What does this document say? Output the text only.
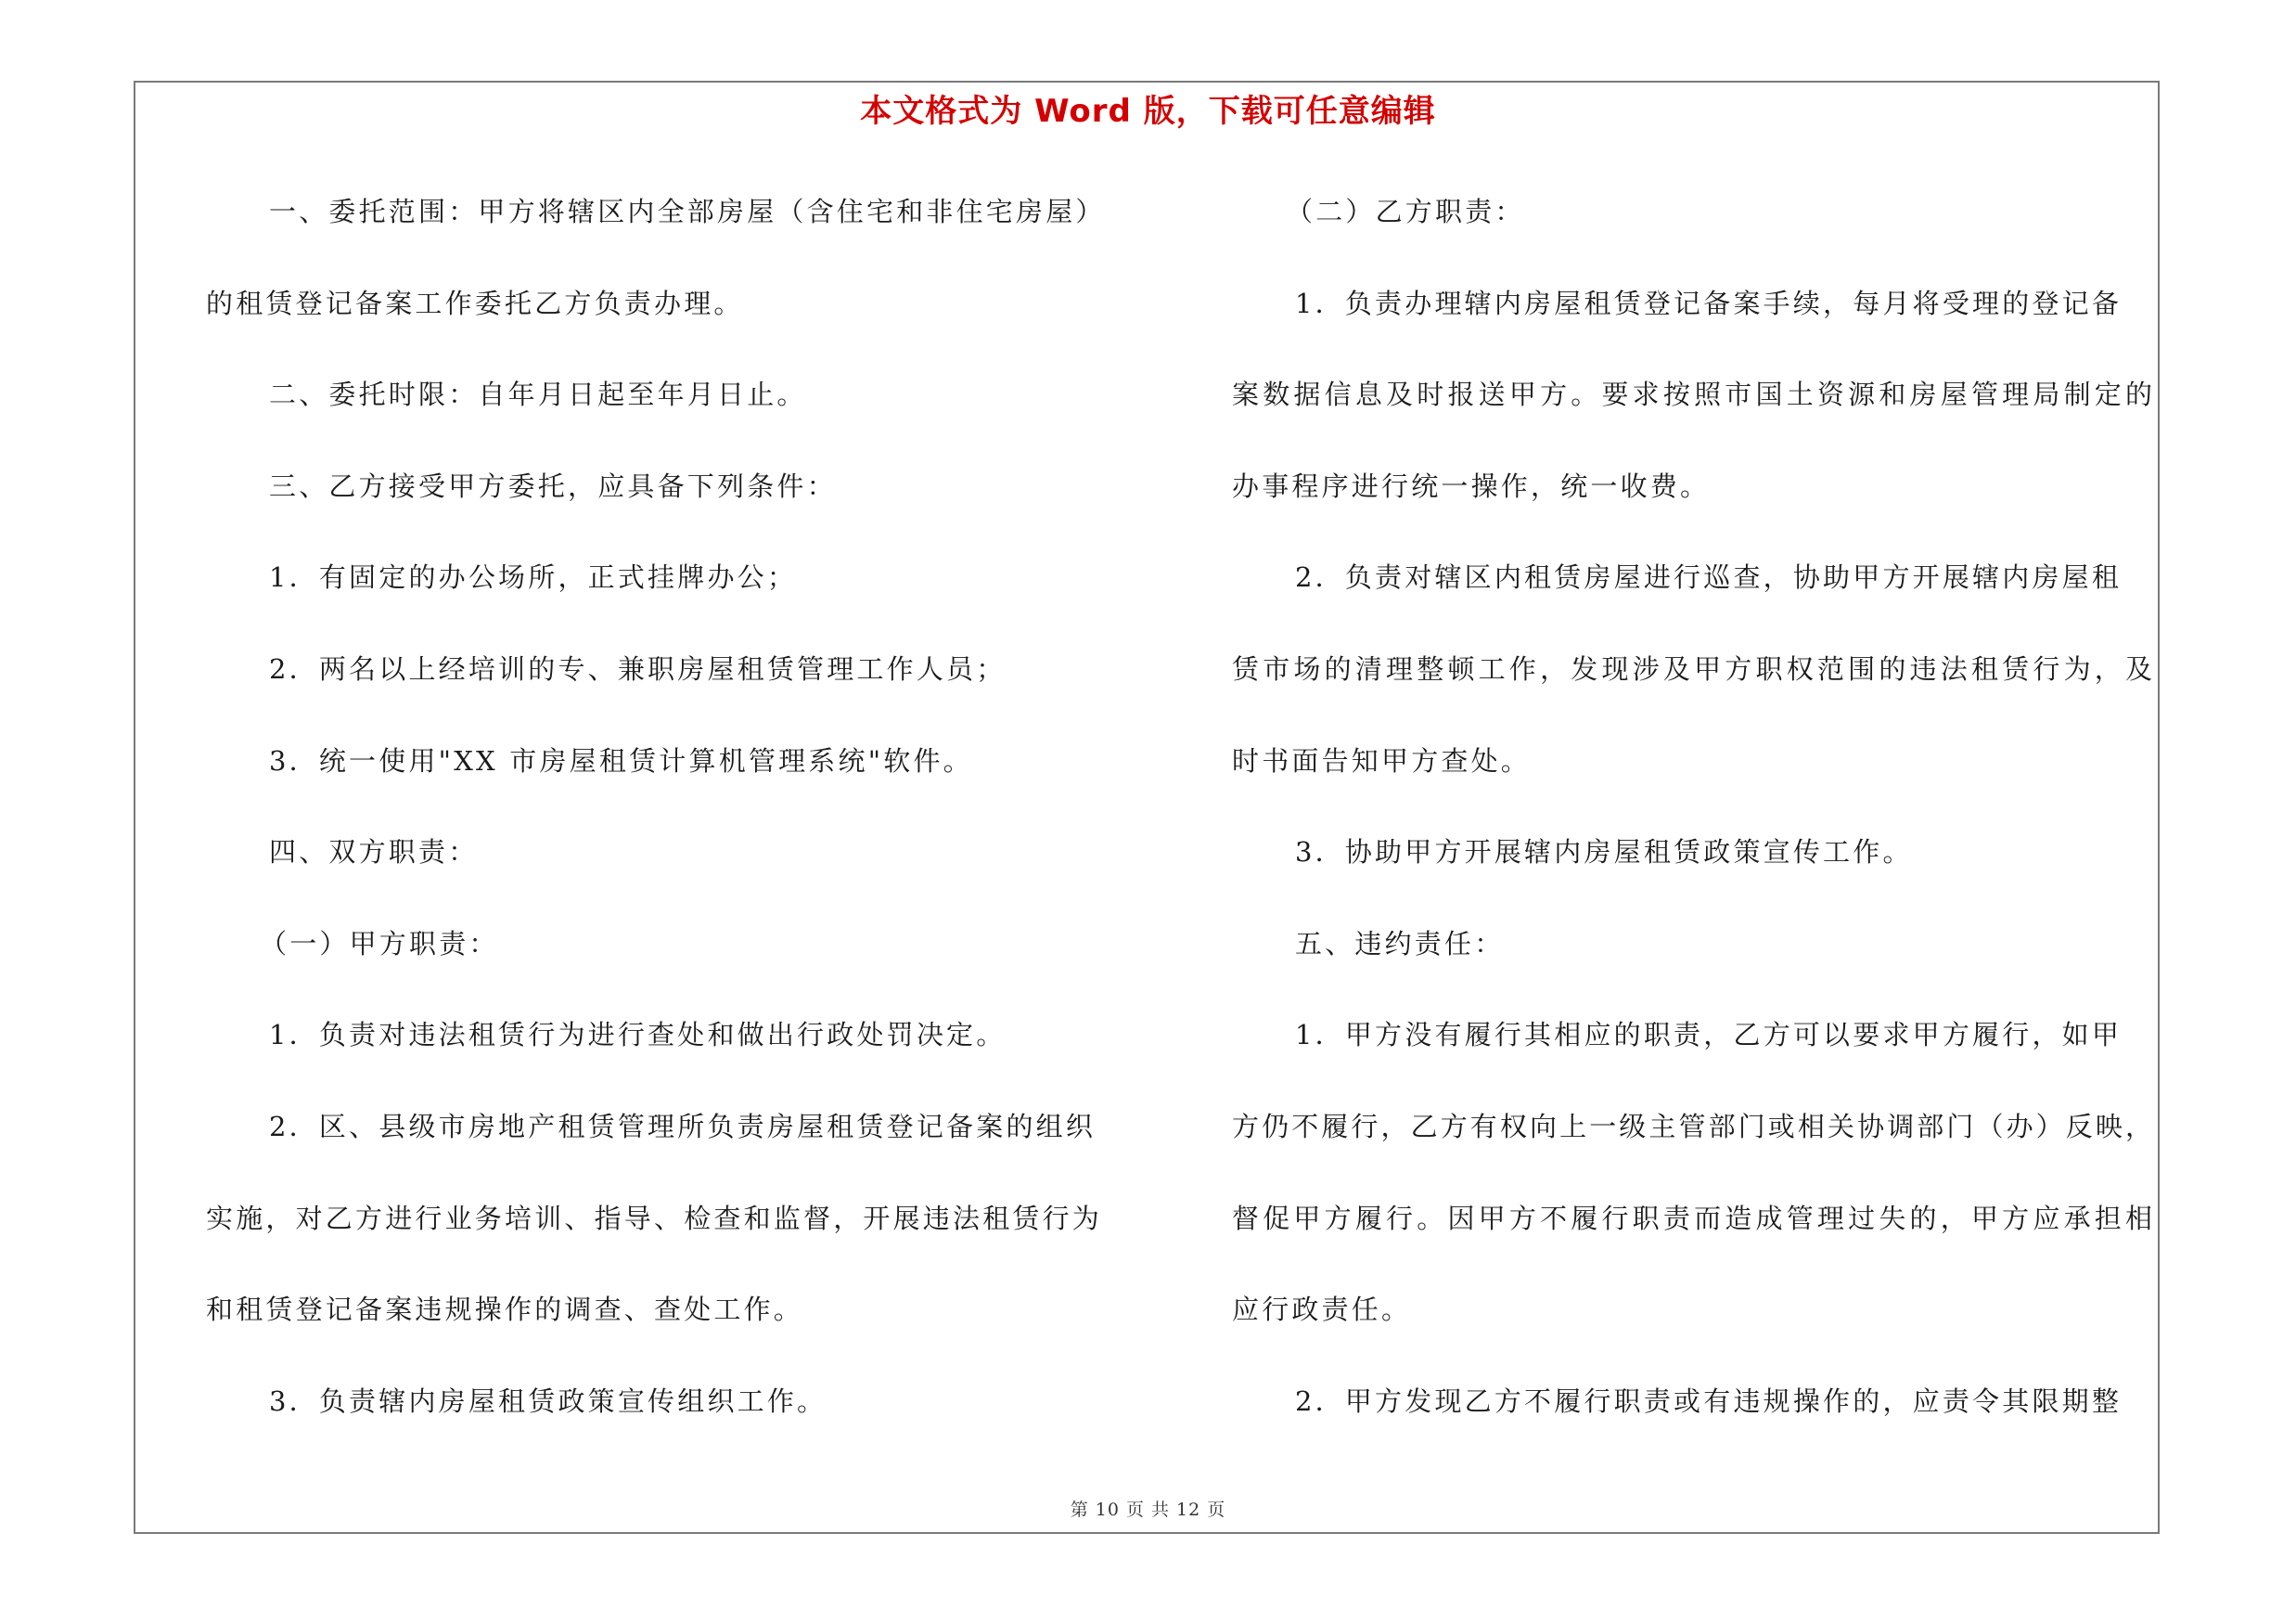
本文格式为 Word 版，下载可任意编辑
一、委托范围：甲方将辖区内全部房屋（含住宅和非住宅房屋）
的租赁登记备案工作委托乙方负责办理。
二、委托时限：自年月日起至年月日止。
三、乙方接受甲方委托，应具备下列条件：
1．有固定的办公场所，正式挂牌办公；
2．两名以上经培训的专、兼职房屋租赁管理工作人员；
3．统一使用"XX 市房屋租赁计算机管理系统"软件。
四、双方职责：
（一）甲方职责：
1．负责对违法租赁行为进行查处和做出行政处罚决定。
2．区、县级市房地产租赁管理所负责房屋租赁登记备案的组织
实施，对乙方进行业务培训、指导、检查和监督，开展违法租赁行为
和租赁登记备案违规操作的调查、查处工作。
3．负责辖内房屋租赁政策宣传组织工作。
（二）乙方职责：
1．负责办理辖内房屋租赁登记备案手续，每月将受理的登记备
案数据信息及时报送甲方。要求按照市国土资源和房屋管理局制定的
办事程序进行统一操作，统一收费。
2．负责对辖区内租赁房屋进行巡查，协助甲方开展辖内房屋租
赁市场的清理整顿工作，发现涉及甲方职权范围的违法租赁行为，及
时书面告知甲方查处。
3．协助甲方开展辖内房屋租赁政策宣传工作。
五、违约责任：
1．甲方没有履行其相应的职责，乙方可以要求甲方履行，如甲
方仍不履行，乙方有权向上一级主管部门或相关协调部门（办）反映，
督促甲方履行。因甲方不履行职责而造成管理过失的，甲方应承担相
应行政责任。
2．甲方发现乙方不履行职责或有违规操作的，应责令其限期整
第 10 页 共 12 页
